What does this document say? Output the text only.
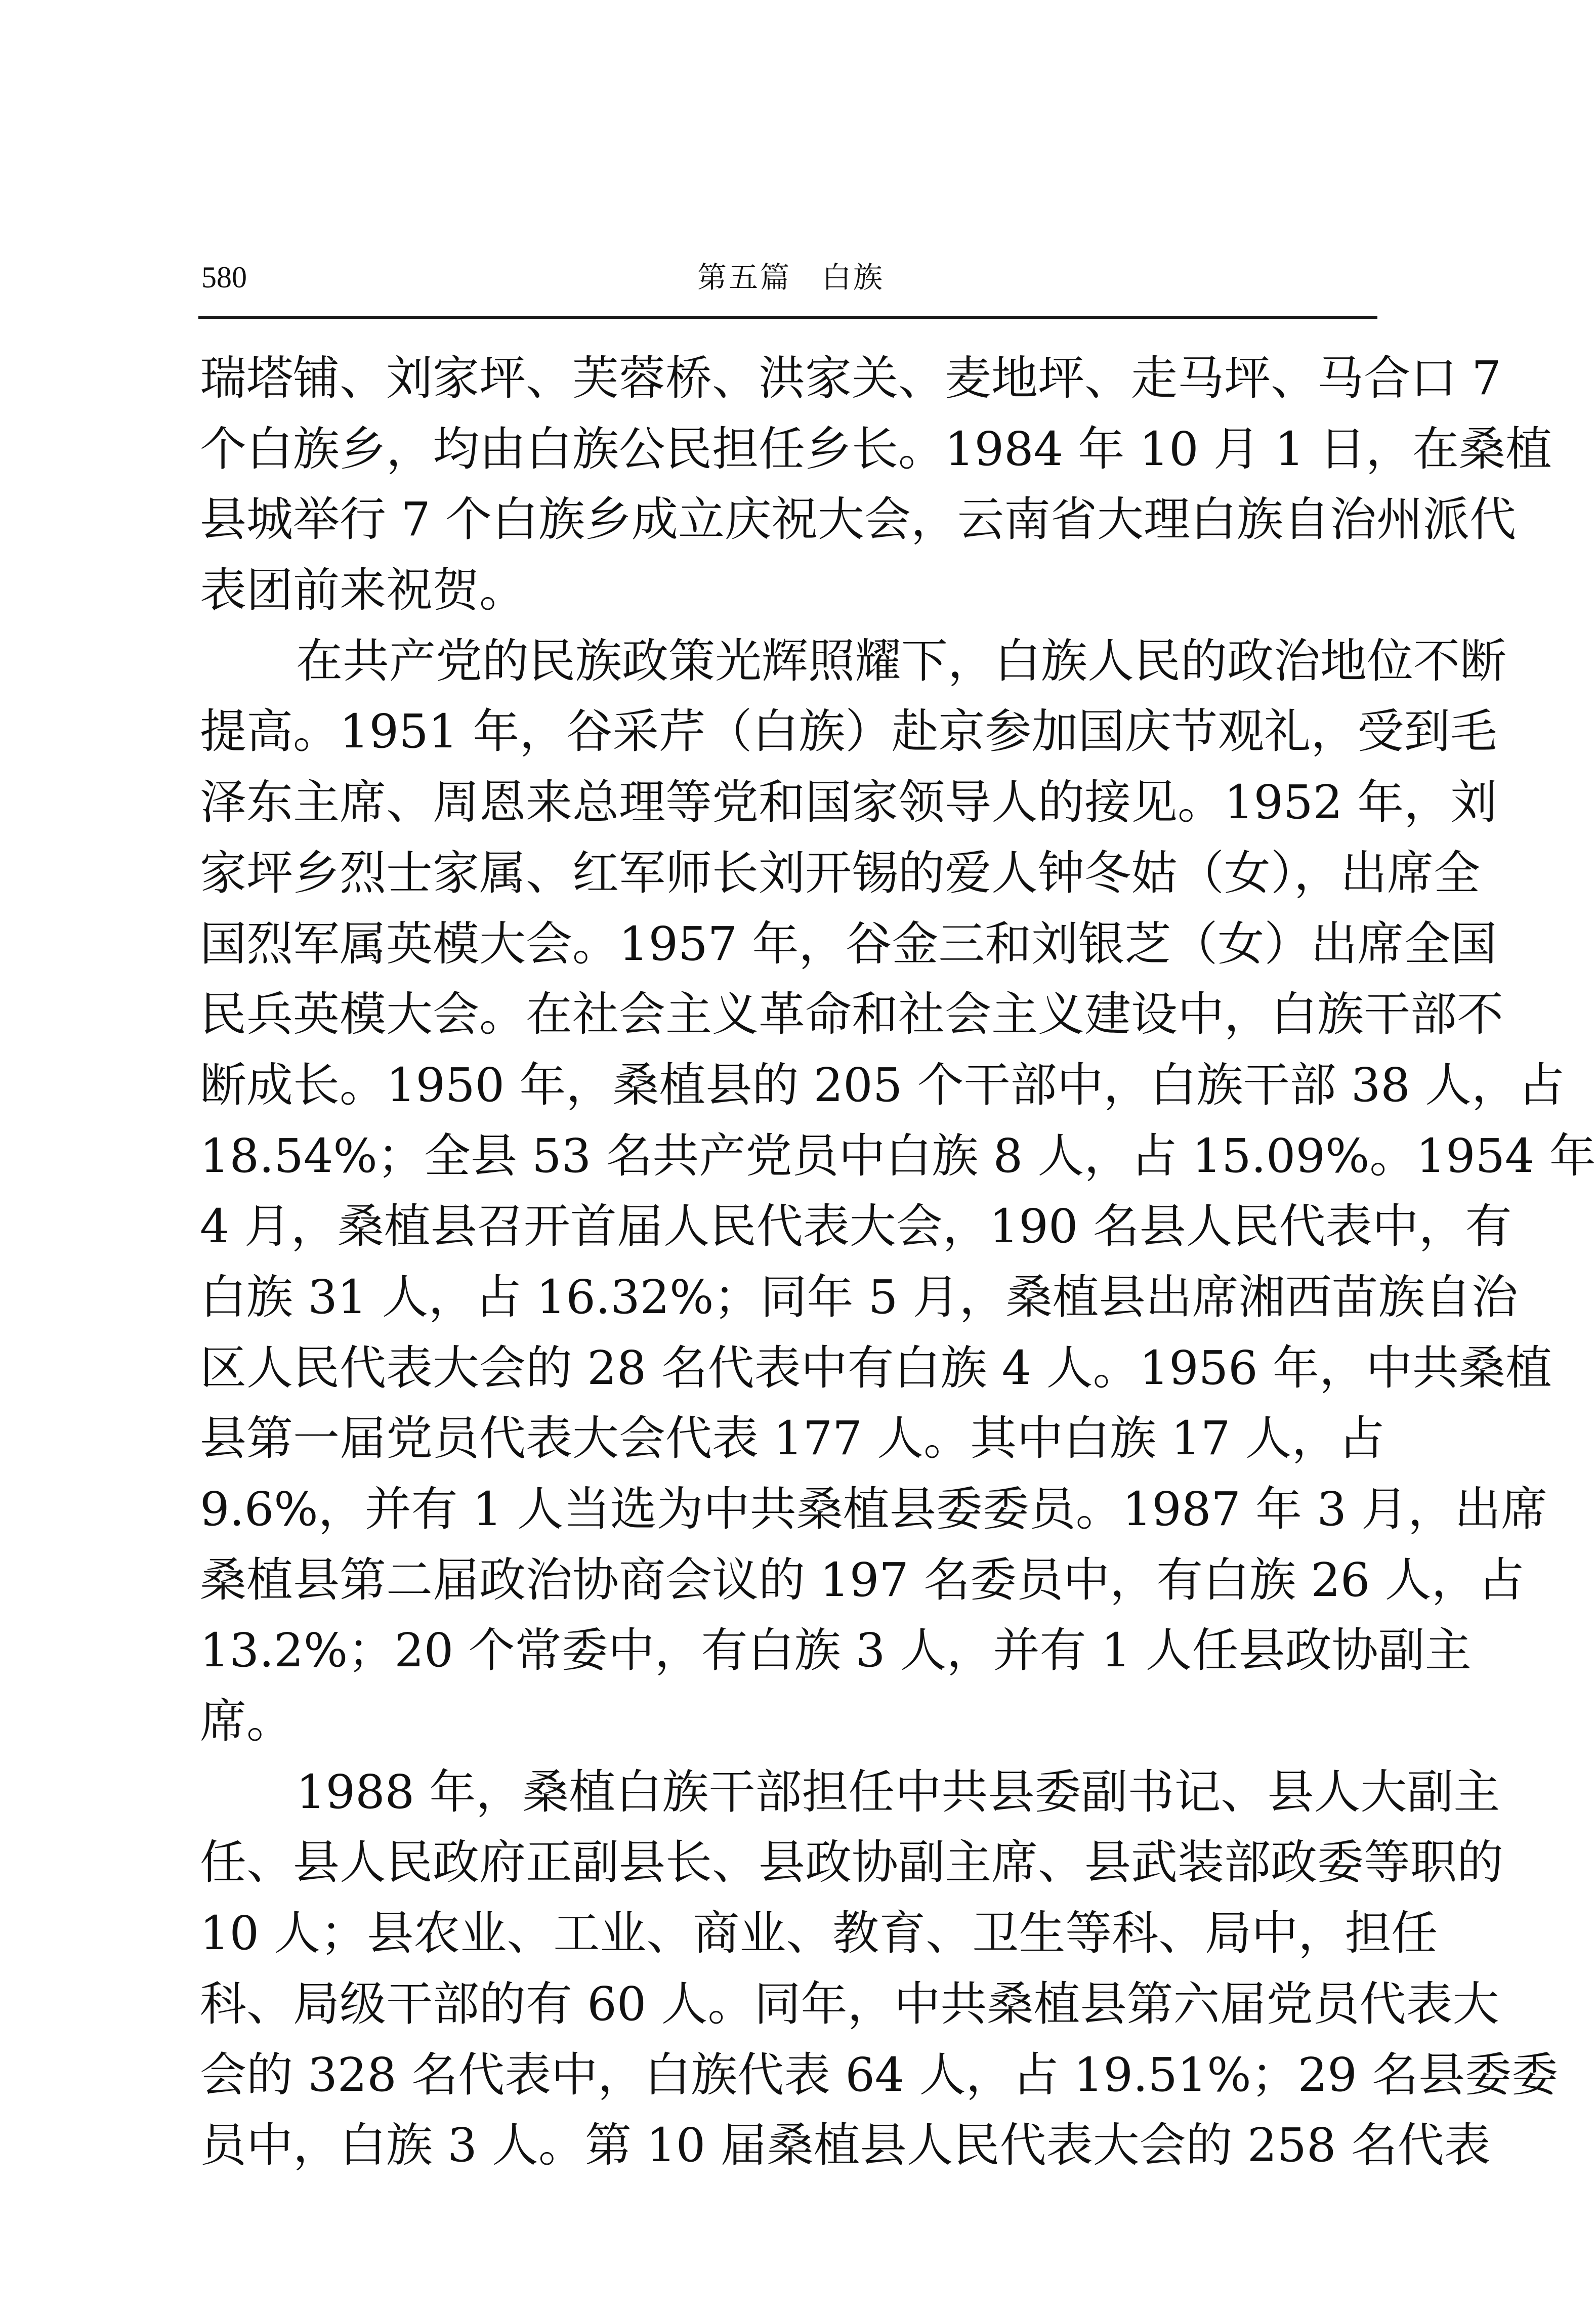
580	第五篇 白族
瑞塔铺、刘家坪、芙蓉桥、洪家关、麦地坪、走马坪、马合口 7
个白族乡，均由白族公民担任乡长。1984 年 10 月 1 日，在桑植
县城举行 7 个白族乡成立庆祝大会，云南省大理白族自治州派代
表团前来祝贺。
在共产党的民族政策光辉照耀下，白族人民的政治地位不断
提高。1951 年，谷采芹（白族）赴京参加国庆节观礼，受到毛
泽东主席、周恩来总理等党和国家领导人的接见。1952 年，刘
家坪乡烈士家属、红军师长刘开锡的爱人钟冬姑（女），出席全
国烈军属英模大会。1957 年，谷金三和刘银芝（女）出席全国
民兵英模大会。在社会主义革命和社会主义建设中，白族干部不
断成长。1950 年，桑植县的 205 个干部中，白族干部 38 人，占
18.54%；全县 53 名共产党员中白族 8 人，占 15.09%。1954 年
4 月，桑植县召开首届人民代表大会，190 名县人民代表中，有
白族 31 人，占 16.32%；同年 5 月，桑植县出席湘西苗族自治
区人民代表大会的 28 名代表中有白族 4 人。1956 年，中共桑植
县第一届党员代表大会代表 177 人。其中白族 17 人，占
9.6%，并有 1 人当选为中共桑植县委委员。1987 年 3 月，出席
桑植县第二届政治协商会议的 197 名委员中，有白族 26 人，占
13.2%；20 个常委中，有白族 3 人，并有 1 人任县政协副主
席。
1988 年，桑植白族干部担任中共县委副书记、县人大副主
任、县人民政府正副县长、县政协副主席、县武装部政委等职的
10 人；县农业、工业、商业、教育、卫生等科、局中，担任
科、局级干部的有 60 人。同年，中共桑植县第六届党员代表大
会的 328 名代表中，白族代表 64 人，占 19.51%；29 名县委委
员中，白族 3 人。第 10 届桑植县人民代表大会的 258 名代表
